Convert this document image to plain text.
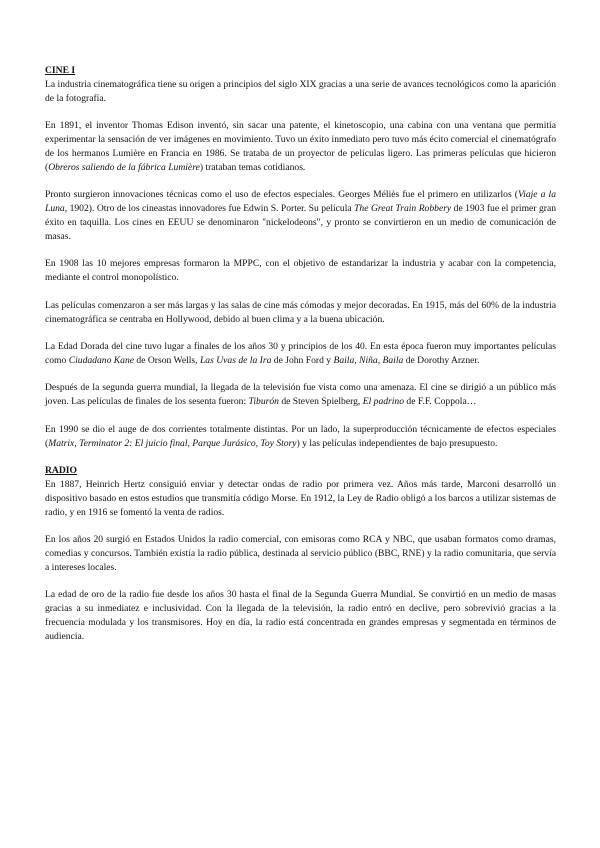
CINE I

La industria cinematográfica tiene su origen a principios del siglo XIX gracias a una serie de avances tecnológicos como la aparición de la fotografía.

En 1891, el inventor Thomas Edison inventó, sin sacar una patente, el kinetoscopio, una cabina con una ventana que permitía experimentar la sensación de ver imágenes en movimiento. Tuvo un éxito inmediato pero tuvo más écito comercial el cinematógrafo de los hermanos Lumière en Francia en 1986. Se trataba de un proyector de películas ligero. Las primeras películas que hicieron (Obreros saliendo de la fábrica Lumière) trataban temas cotidianos.

Pronto surgieron innovaciones técnicas como el uso de efectos especiales. Georges Méliès fue el primero en utilizarlos (Viaje a la Luna, 1902). Otro de los cineastas innovadores fue Edwin S. Porter. Su película The Great Train Robbery de 1903 fue el primer gran éxito en taquilla. Los cines en EEUU se denominaron "nickelodeons", y pronto se convirtieron en un medio de comunicación de masas.

En 1908 las 10 mejores empresas formaron la MPPC, con el objetivo de estandarizar la industria y acabar con la competencia, mediante el control monopolístico.

Las películas comenzaron a ser más largas y las salas de cine más cómodas y mejor decoradas. En 1915, más del 60% de la industria cinematográfica se centraba en Hollywood, debido al buen clima y a la buena ubicación.

La Edad Dorada del cine tuvo lugar a finales de los años 30 y principios de los 40. En esta época fueron muy importantes películas como Ciudadano Kane de Orson Wells, Las Uvas de la Ira de John Ford y Baila, Niña, Baila de Dorothy Arzner.

Después de la segunda guerra mundial, la llegada de la televisión fue vista como una amenaza. El cine se dirigió a un público más joven. Las películas de finales de los sesenta fueron: Tiburón de Steven Spielberg, El padrino de F.F. Coppola…

En 1990 se dio el auge de dos corrientes totalmente distintas. Por un lado, la superproducción técnicamente de efectos especiales (Matrix, Terminator 2: El juicio final, Parque Jurásico, Toy Story) y las películas independientes de bajo presupuesto.

RADIO

En 1887, Heinrich Hertz consiguió enviar y detectar ondas de radio por primera vez. Años más tarde, Marconi desarrolló un dispositivo basado en estos estudios que transmitía código Morse. En 1912, la Ley de Radio obligó a los barcos a utilizar sistemas de radio, y en 1916 se fomentó la venta de radios.

En los años 20 surgió en Estados Unidos la radio comercial, con emisoras como RCA y NBC, que usaban formatos como dramas, comedias y concursos. También existía la radio pública, destinada al servicio público (BBC, RNE) y la radio comunitaria, que servía a intereses locales.

La edad de oro de la radio fue desde los años 30 hasta el final de la Segunda Guerra Mundial. Se convirtió en un medio de masas gracias a su inmediatez e inclusividad. Con la llegada de la televisión, la radio entró en declive, pero sobrevivió gracias a la frecuencia modulada y los transmisores. Hoy en día, la radio está concentrada en grandes empresas y segmentada en términos de audiencia.
